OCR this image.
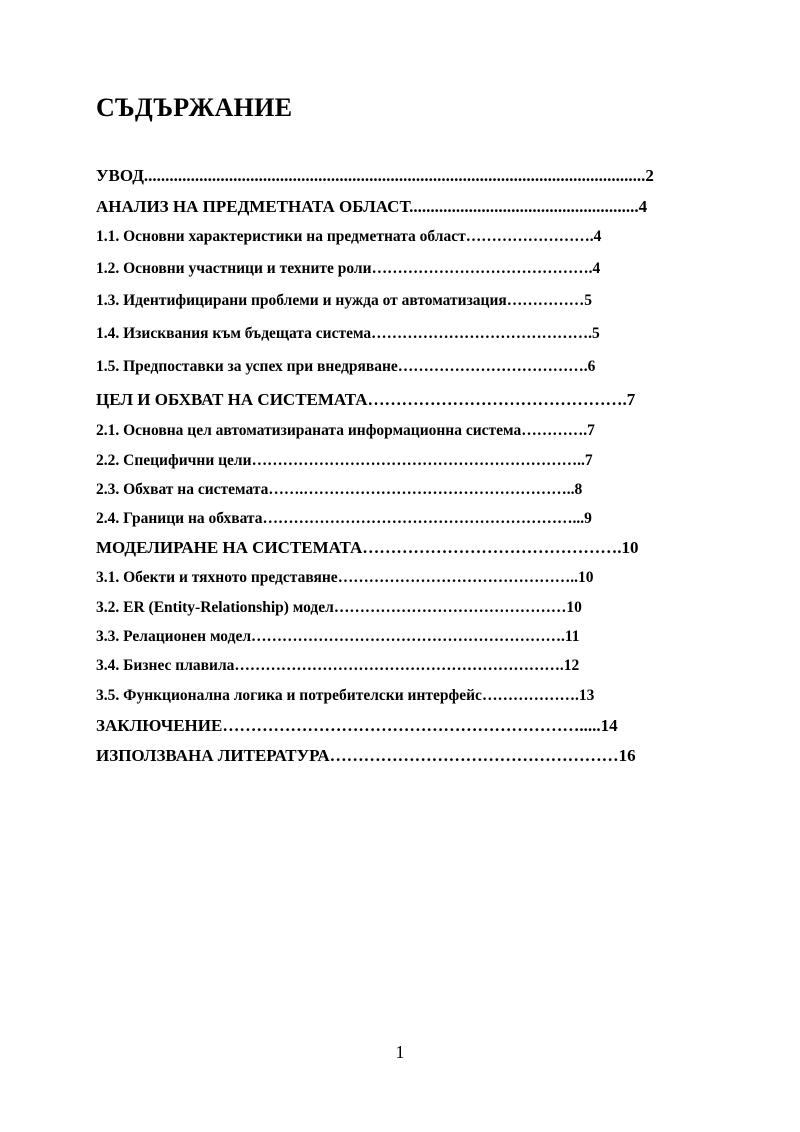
СЪДЪРЖАНИЕ
УВОД......................................................................................................................2
АНАЛИЗ НА ПРЕДМЕТНАТА ОБЛАСТ......................................................4
1.1. Основни характеристики на предметната област…………………….4
1.2. Основни участници и техните роли…………………………………….4
1.3. Идентифицирани проблеми и нужда от автоматизация……………5
1.4. Изисквания към бъдещата система…………………………………….5
1.5. Предпоставки за успех при внедряване……………………………….6
ЦЕЛ И ОБХВАТ НА СИСТЕМАТА……………………………………….7
2.1. Основна цел автоматизираната информационна система………….7
2.2. Специфични цели………………………………………………………..7
2.3. Обхват на системата…….……………………………………………..8
2.4. Граници на обхвата……………………………………………………...9
МОДЕЛИРАНЕ НА СИСТЕМАТА……………………………………….10
3.1. Обекти и тяхното представяне………………………………………..10
3.2. ER (Entity-Relationship) модел………………………………………10
3.3. Релационен модел…………………………………………………….11
3.4. Бизнес плавила……………………………………………………….12
3.5. Функционална логика и потребителски интерфейс……………….13
ЗАКЛЮЧЕНИЕ……………………………………………………….....14
ИЗПОЛЗВАНА ЛИТЕРАТУРА……………………………………………16
1
